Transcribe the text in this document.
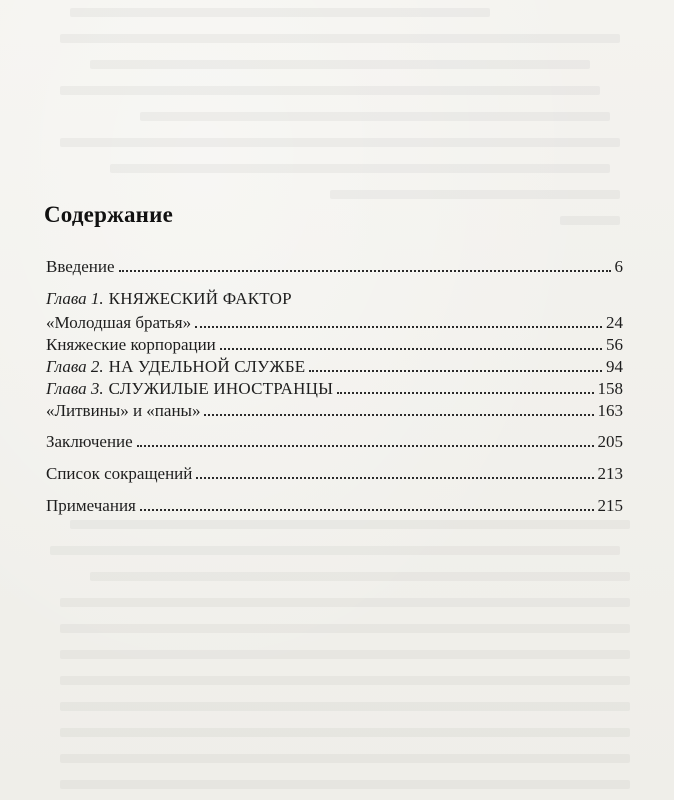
Содержание
Введение	6
Глава 1. КНЯЖЕСКИЙ ФАКТОР
«Молодшая братья»	24
Княжеские корпорации	56
Глава 2. НА УДЕЛЬНОЙ СЛУЖБЕ	94
Глава 3. СЛУЖИЛЫЕ ИНОСТРАНЦЫ	158
«Литвины» и «паны»	163
Заключение	205
Список сокращений	213
Примечания	215
